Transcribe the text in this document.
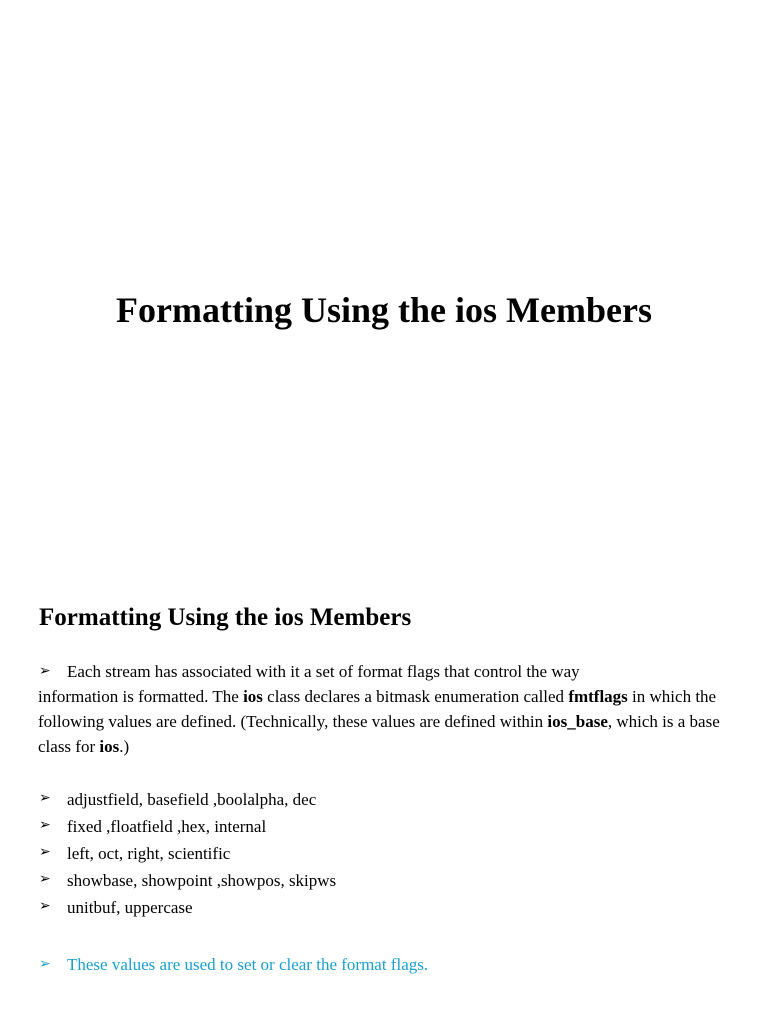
Formatting Using the ios Members
Formatting Using the ios Members

➢ Each stream has associated with it a set of format flags that control the way
information is formatted. The ios class declares a bitmask enumeration called fmtflags in which the following values are defined. (Technically, these values are defined within ios_base, which is a base class for ios.)

➢ adjustfield, basefield ,boolalpha, dec
➢ fixed ,floatfield ,hex, internal
➢ left, oct, right, scientific
➢ showbase, showpoint ,showpos, skipws
➢ unitbuf, uppercase

➢ These values are used to set or clear the format flags.
